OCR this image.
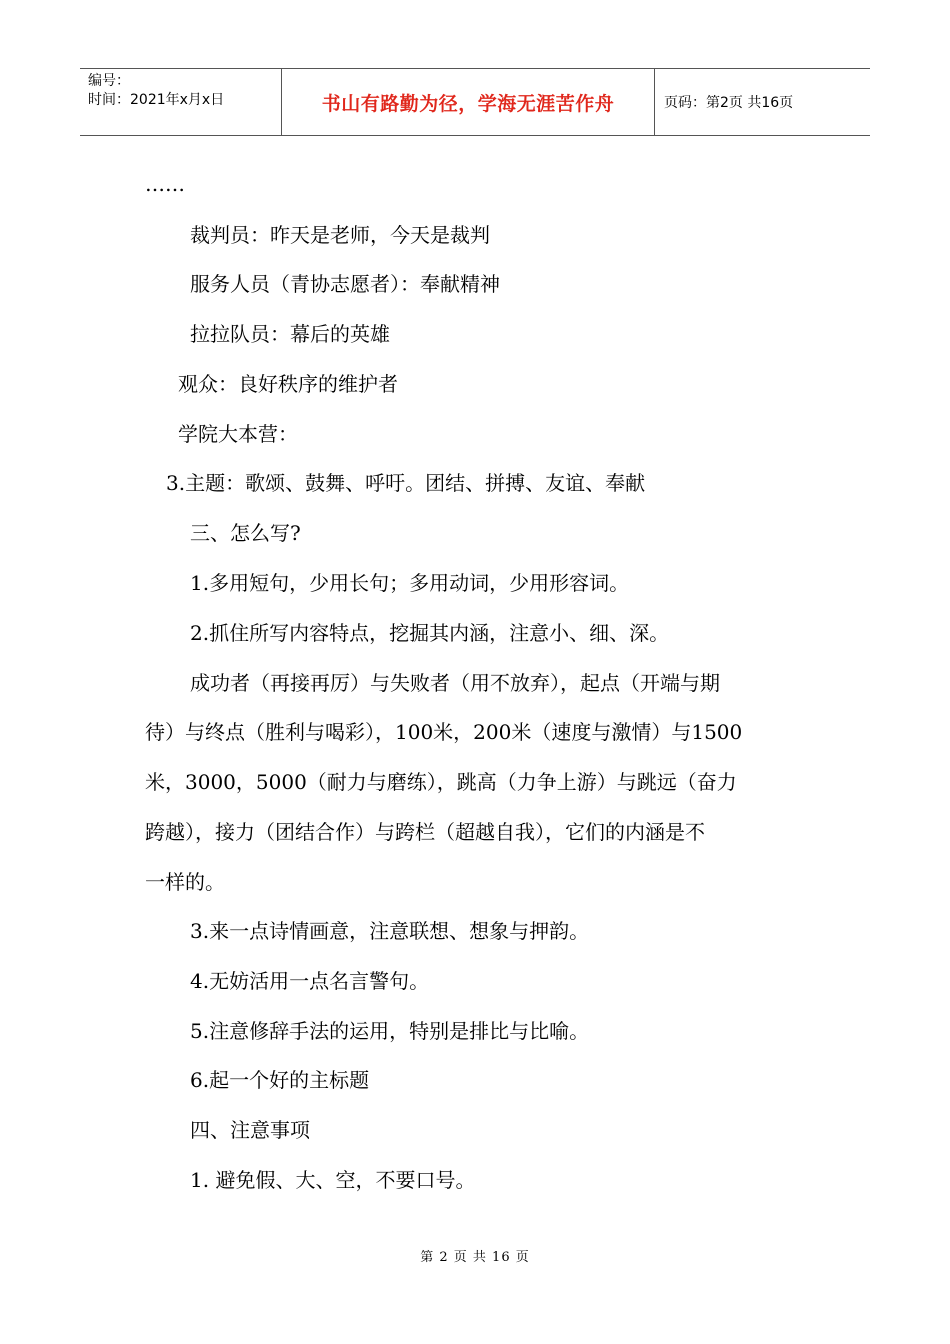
编号：
时间：2021年x月x日	书山有路勤为径，学海无涯苦作舟	页码：第2页 共16页
……
裁判员：昨天是老师，今天是裁判
服务人员（青协志愿者）：奉献精神
拉拉队员：幕后的英雄
观众：良好秩序的维护者
学院大本营：
3.主题：歌颂、鼓舞、呼吁。团结、拼搏、友谊、奉献
三、怎么写?
1.多用短句，少用长句；多用动词，少用形容词。
2.抓住所写内容特点，挖掘其内涵，注意小、细、深。
成功者（再接再厉）与失败者（用不放弃），起点（开端与期
待）与终点（胜利与喝彩），100米，200米（速度与激情）与1500
米，3000，5000（耐力与磨练），跳高（力争上游）与跳远（奋力
跨越），接力（团结合作）与跨栏（超越自我），它们的内涵是不
一样的。
3.来一点诗情画意，注意联想、想象与押韵。
4.无妨活用一点名言警句。
5.注意修辞手法的运用，特别是排比与比喻。
6.起一个好的主标题
四、注意事项
1. 避免假、大、空，不要口号。
第 2 页 共 16 页
